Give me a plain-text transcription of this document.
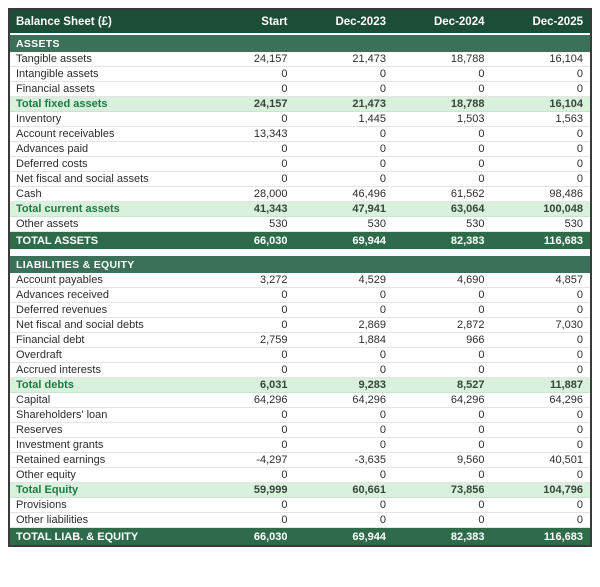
Balance Sheet (£)	Start	Dec-2023	Dec-2024	Dec-2025
ASSETS
Tangible assets	24,157	21,473	18,788	16,104
Intangible assets	0	0	0	0
Financial assets	0	0	0	0
Total fixed assets	24,157	21,473	18,788	16,104
Inventory	0	1,445	1,503	1,563
Account receivables	13,343	0	0	0
Advances paid	0	0	0	0
Deferred costs	0	0	0	0
Net fiscal and social assets	0	0	0	0
Cash	28,000	46,496	61,562	98,486
Total current assets	41,343	47,941	63,064	100,048
Other assets	530	530	530	530
TOTAL ASSETS	66,030	69,944	82,383	116,683
LIABILITIES & EQUITY
Account payables	3,272	4,529	4,690	4,857
Advances received	0	0	0	0
Deferred revenues	0	0	0	0
Net fiscal and social debts	0	2,869	2,872	7,030
Financial debt	2,759	1,884	966	0
Overdraft	0	0	0	0
Accrued interests	0	0	0	0
Total debts	6,031	9,283	8,527	11,887
Capital	64,296	64,296	64,296	64,296
Shareholders' loan	0	0	0	0
Reserves	0	0	0	0
Investment grants	0	0	0	0
Retained earnings	-4,297	-3,635	9,560	40,501
Other equity	0	0	0	0
Total Equity	59,999	60,661	73,856	104,796
Provisions	0	0	0	0
Other liabilities	0	0	0	0
TOTAL LIAB. & EQUITY	66,030	69,944	82,383	116,683
